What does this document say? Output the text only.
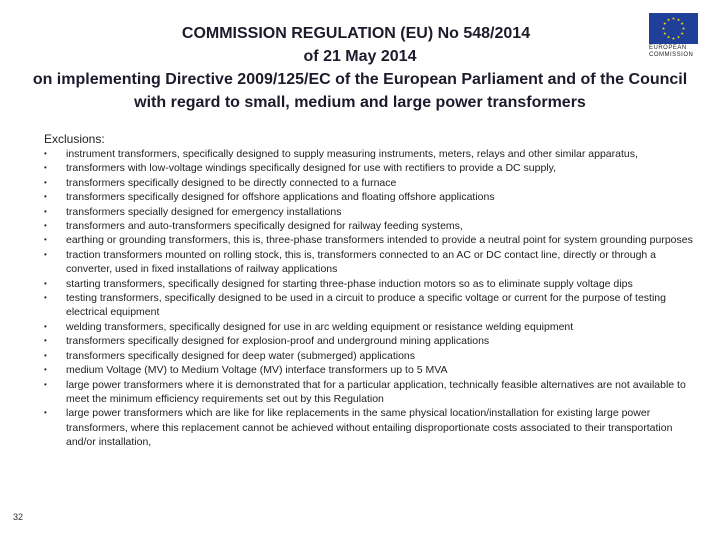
COMMISSION REGULATION (EU) No 548/2014
of 21 May 2014
on implementing Directive 2009/125/EC of the European Parliament and of the Council
with regard to small, medium and large power transformers
EUROPEAN
COMMISSION
Exclusions:
•	instrument transformers, specifically designed to supply measuring instruments, meters, relays and other similar apparatus,
•	transformers with low-voltage windings specifically designed for use with rectifiers to provide a DC supply,
•	transformers specifically designed to be directly connected to a furnace
•	transformers specifically designed for offshore applications and floating offshore applications
•	transformers specially designed for emergency installations
•	transformers and auto-transformers specifically designed for railway feeding systems,
•	earthing or grounding transformers, this is, three-phase transformers intended to provide a neutral point for system grounding purposes
•	traction transformers mounted on rolling stock, this is, transformers connected to an AC or DC contact line, directly or through a converter, used in fixed installations of railway applications
•	starting transformers, specifically designed for starting three-phase induction motors so as to eliminate supply voltage dips
•	testing transformers, specifically designed to be used in a circuit to produce a specific voltage or current for the purpose of testing electrical equipment
•	welding transformers, specifically designed for use in arc welding equipment or resistance welding equipment
•	transformers specifically designed for explosion-proof and underground mining applications
•	transformers specifically designed for deep water (submerged) applications
•	medium Voltage (MV) to Medium Voltage (MV) interface transformers up to 5 MVA
•	large power transformers where it is demonstrated that for a particular application, technically feasible alternatives are not available to meet the minimum efficiency requirements set out by this Regulation
•	large power transformers which are like for like replacements in the same physical location/installation for existing large power transformers, where this replacement cannot be achieved without entailing disproportionate costs associated to their transportation and/or installation,
32
